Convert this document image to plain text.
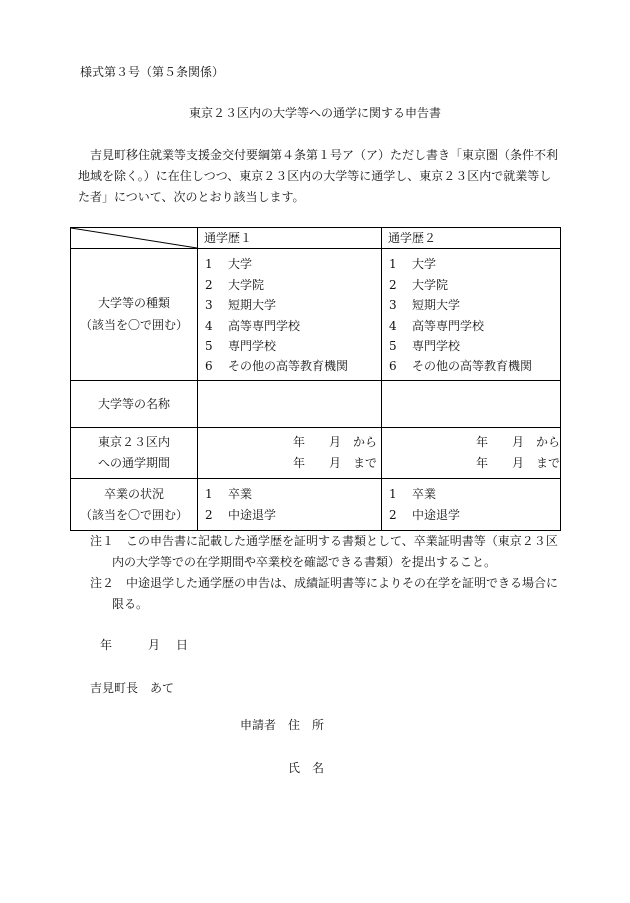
様式第３号（第５条関係）
東京２３区内の大学等への通学に関する申告書
吉見町移住就業等支援金交付要綱第４条第１号ア（ア）ただし書き「東京圏（条件不利
地域を除く。）に在住しつつ、東京２３区内の大学等に通学し、東京２３区内で就業等し
た者」について、次のとおり該当します。
通学歴１	通学歴２
大学等の種類
（該当を〇で囲む）
1 大学
2 大学院
3 短期大学
4 高等専門学校
5 専門学校
6 その他の高等教育機関
1 大学
2 大学院
3 短期大学
4 高等専門学校
5 専門学校
6 その他の高等教育機関
大学等の名称
東京２３区内
への通学期間
年　　月　から
年　　月　まで
年　　月　から
年　　月　まで
卒業の状況
（該当を〇で囲む）
1 卒業
2 中途退学
1 卒業
2 中途退学
注１ この申告書に記載した通学歴を証明する書類として、卒業証明書等（東京２３区
内の大学等での在学期間や卒業校を確認できる書類）を提出すること。
注２ 中途退学した通学歴の申告は、成績証明書等によりその在学を証明できる場合に
限る。
年	月 日
吉見町長　あて
申請者 住　所
氏　名
